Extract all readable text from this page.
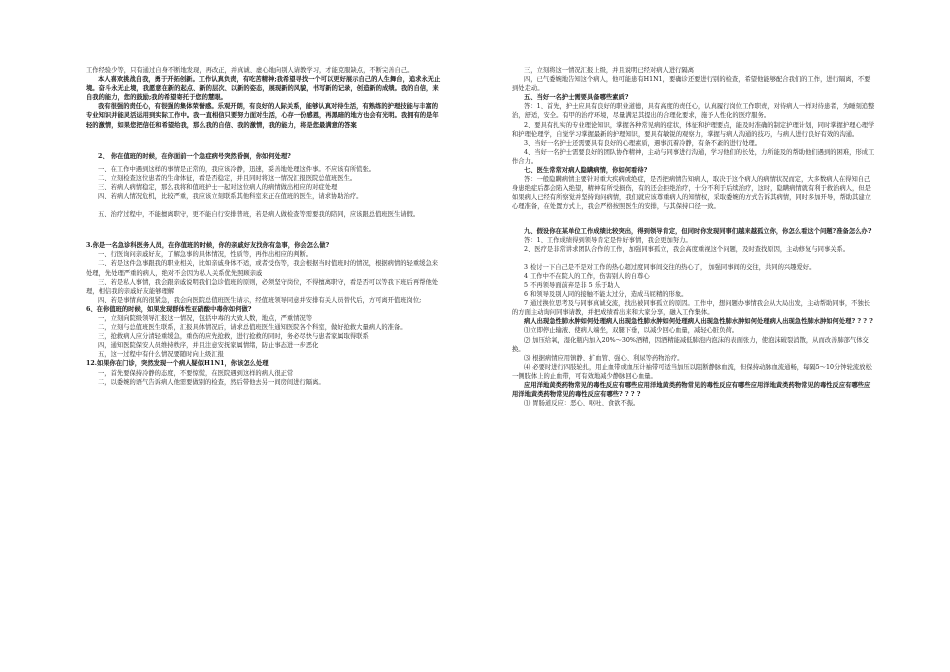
工作经验少等，只有通过自身不断地发现，再改正，并真诚、虚心地向别人请教学习，才能克服缺点，不断完善自己。

本人喜欢挑战自我，勇于开拓创新。工作认真负责，有吃苦精神;我希望寻找一个可以更好展示自己的人生舞台，追求永无止境。奋斗永无止境，我愿意在新的起点、新的层次、以新的姿态，展现新的风貌，书写新的记录，创造新的成绩。我的自信，来自我的能力，您的鼓励;我的希望寄托于您的慧眼。

我有很强的责任心，有很强的集体荣誉感。乐观开朗，有良好的人际关系，能够认真对待生活，有熟练的护理技能与丰富的专业知识并能灵活运用到实际工作中。我一直相信只要努力面对生活，心存一份感恩，再黑暗的地方也会有光明。我拥有的是年轻的激情，如果您把信任和希望给我，那么我的自信、我的激情，我的能力，将是您最满意的答案

2、 你在值班的时候，在你面前一个急症病号突然昏倒，你如何处理?

一、在工作中遇到这样的事情是正常的，我应该冷静，迅速，妥善地处理这件事。不应该有所慌张。

二、立刻检查这位患者的生命体征，看是否稳定，并且同时将这一情况汇报医院总值班医生。

三、若病人病情稳定，那么我将和值班护士一起对这位病人的病情做出相应的对症处理

四、若病人情况危机，比较严重，我应该立刻联系其他科室来正在值班的医生，请求协助治疗。

五、治疗过程中，不能擅离职守，更不能自行安排普班，若是病人做检查等需要我的陪同，应该跟总值班医生请假。

3.你是一名急诊科医务人员，在你值班的时候，你的亲戚好友找你有急事，你会怎么做?

一、行医询问亲戚好友，了解急事的具体情况，性质等，再作出相应的判断。

二、若是这件急事跟我的职业相关，比如亲戚身体不适，或者受伤等，我会根据当时值班时的情况，根据病情的轻重缓急来处理，先处理严重的病人，绝对不会因为私人关系优先照顾亲戚

三、若是私人事情，我会跟亲戚说明我们急诊值班的原则，必须坚守岗位，不得擅离职守，看是否可以等我下班后再帮他处理，相信我的亲戚好友能够理解

四、若是事情真的很紧急，我会向医院总值班医生请示，经值班领导同意并安排有关人员替代后，方可离开值班岗位;

6、在你值班的时候，如果发现群体性亚硝酸中毒你如何做?

一，立刻向院级领导汇报这一情况，包括中毒的大致人数，地点，严重情况等

二，立刻与总值班医生联系，汇报具体情况后，请求总值班医生通知医院各个科室，做好抢救大量病人的准备。

三，抢救病人应分清轻重缓急，重伤的应先抢救，进行抢救的同时，务必尽快与患者家属取得联系

四，通知医院保安人员维持秩序，并且注意安抚家属情绪，防止事态进一步恶化

五，这一过程中有什么情况要随时向上级汇报

12.如果你在门诊，突然发现一个病人疑似H1N1，你该怎么处理

一，首先要保持冷静的态度，不要惊慌，在医院遇到这样的病人很正常

二，以委婉的语气告诉病人他需要做别的检查，然后带他去另一间房间进行隔离。

三，立刻将这一情况汇报上级，并且说明已经对病人进行隔离

四，已气委婉地告知这个病人，他可能患有H1N1，要确诊还要进行别的检查，希望他能够配合我们的工作，进行隔离，不要到处走动。

五、当好一名护士需要具备哪些素质?

答：1、首先，护士应具有良好的职业道德，具有高度的责任心，认真履行岗位工作职责，对待病人一样对待患者，为睡刻追整治，舒适，安全。有甲的治疗环境，尽量满足其提出的合理化要求，施予人性化的医疗服务。

2、要具有扎实的专业理论知识，掌握各种常见病的症状，体征和护理要点，能及时准确的制定护理计划，同时掌握护理心理学和护理伦理学，自觉学习掌握最新的护理知识，要具有敏锐的观察力，掌握与病人沟通的技巧，与病人进行良好有效的沟通。

3、当好一名护士还需要具有良好的心理素质，遇事沉着冷静，有条不紊的进行处理。

4、当好一名护士需要良好的团队协作精神，主动与同事进行沟通，学习他们的长处，力所能及的帮助他们遇到的困难，形成工作合力。

七、医生常常对病人隐瞒病情，你如何看待?

答：一般隐瞒病情主要针对重大疾病或绝症，是否把病情告知病人，取决于这个病人的病情状况而定，大多数病人在得知自己身患绝症后都会陷入绝望，精神有所受损伤，有的还会拒绝治疗，十分不利于后续治疗，这时，隐瞒病情就有利于救治病人，但是如果病人已经有所察觉并坚持询问病情，我们就应该尊重病人的知情权，采取委婉的方式告诉其病情，同时多加开导，帮助其建立心理准备，在处置方式上，我会严格按照医生的安排，与其保持口径一致。

九、假设你在某单位工作成绩比较突出，得到领导肯定，但同时你发现同事们越来越孤立你，你怎么看这个问题?准备怎么办?

答：1、工作成绩得到领导肯定是件好事情，我会更加努力。

2、医疗是非常讲求团队合作的工作，加强同事孤立，我会高度重视这个问题，及时查找原因，主动修复与同事关系。

3 检讨一下自己是不是对工作的热心超过度同事间交往的热心了， 加强同事间的交往，共同的兴趣爱好。

4 工作中不在院人的工作，伤害别人的自尊心

5 不再领导面前弃是非 5 乐于助人

6 和领导及别人同的接触不能太过分，造成马屁精的形象。

7 通过换位思考及与同事真诚交流，找出被同事孤立的原因。工作中，想问题办事情我会从大局出发，主动帮助同事，不独长的方面主动询问同事请教，并把成绩看出来和大家分享，融入工作集体。

病人出现急性肺水肿如何处理病人出现急性肺水肿如何处理病人出现急性肺水肿如何处理病人出现急性肺水肿如何处理? ? ? ?

⑴立即停止输液、使病人端坐，双腿下垂，以减少回心血量，减轻心脏负荷。

⑵ 加压给氧，湿化瓶内加入20%～30%酒精，因酒精能减低肺泡内泡沫的表面张力，使泡沫破裂消散，从而改善肺部气体交换。

⑶ 根据病情应用镇静、扩血管、强心、利尿等药物治疗。

⑷ 必要时进行四肢轮扎，用止血带或血压计袖带可适当加压以阻断静脉血流，但保持动脉血流通畅，每隔5～10分钟轮流放松一侧肢体上的止血带，可有效地减少静脉回心血量。

应用洋地黄类药物常见的毒性反应有哪些应用洋地黄类药物常见的毒性反应有哪些应用洋地黄类药物常见的毒性反应有哪些应用洋地黄类药物常见的毒性反应有哪些? ? ? ?

⑴ 胃肠道反应：恶心、呕吐、食欲不振。
